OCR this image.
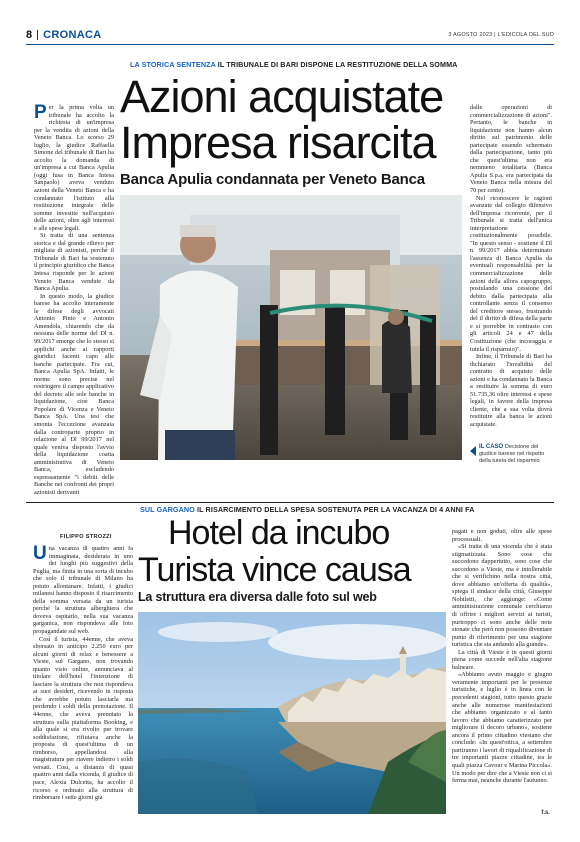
8 CRONACA	3 AGOSTO 2023 | L'EDICOLA DEL SUD
LA STORICA SENTENZA IL TRIBUNALE DI BARI DISPONE LA RESTITUZIONE DELLA SOMMA
Azioni acquistate
Impresa risarcita
Banca Apulia condannata per Veneto Banca
P er la prima volta un tribunale ha accolto la richiesta di un'impresa per la vendita di azioni della Veneto Banca. Lo scorso 29 luglio, la giudice Raffaella Simone del tribunale di Bari ha accolto la domanda di un'impresa a cui Banca Apulia (oggi fusa in Banca Intesa Sanpaolo) aveva venduto azioni della Veneto Banca e ha condannato l'istituto alla restituzione integrale delle somme investite nell'acquisto delle azioni, oltre agli interessi e alle spese legali.

Si tratta di una sentenza storica e dal grande rilievo per migliaia di azionisti, perché il Tribunale di Bari ha sostenuto il principio giuridico che Banca Intesa risponde per le azioni Veneto Banca vendute da Banca Apulia.

In questo modo, la giudice barese ha accolto interamente le difese degli avvocati Antonio Pinto e Antonio Amendola, chiarendo che da nessuna delle norme del Dl n. 99/2017 emerge che lo stesso si applichi anche ai rapporti giuridici facenti capo alle banche partecipate. Fra cui, Banca Apulia SpA. Infatti, le norme sono precise nel restringere il campo applicativo del decreto alle sole banche in liquidazione, cioè Banca Popolare di Vicenza e Veneto Banca SpA. Una tesi che smonta l'eccezione avanzata dalla controparte proprio in relazione al Dl 99/2017 nel quale veniva disposto l'avvio della liquidazione coatta amministrativa di Veneto Banca, escludendo espressamente "i debiti delle Banche nei confronti dei propri azionisti derivanti

dalle operazioni di commercializzazione di azioni". Pertanto, le banche in liquidazione non hanno alcun diritto sul patrimonio delle partecipate essendo schermato dalla partecipazione, tanto più che quest'ultima non era nemmeno totalitaria (Banca Apulia S.p.a. era partecipata da Veneto Banca nella misura del 70 per cento).

Nel riconoscere le ragioni avanzate dal collegio difensivo dell'impresa ricorrente, per il Tribunale si tratta dell'unica interpretazione costituzionalmente possibile. "In questo senso - sostiene il Dl n. 99/2017 abbia determinato l'assenza di Banca Apulia da eventuali responsabilità per la commercializzazione delle azioni della allora capogruppo, postulando una cessione del debito dalla partecipata alla controllante senza il consenso del creditore stesso, frustrando del il diritto di difesa della parte e si porrebbe in contrasto con gli articoli 24 e 47 della Costituzione (che incoraggia e tutela il risparmio)".

Infine, il Tribunale di Bari ha dichiarato l'invalidità del contratto di acquisto delle azioni e ha condannato la Banca a restituire la somma di euro 51.735,36 oltre interessi e spese legali, in favore della impresa cliente, che a sua volta dovrà restituire alla banca le azioni acquistate.

IL CASO Decisione del giudice barese nel rispetto della tutela del risparmio
SUL GARGANO IL RISARCIMENTO DELLA SPESA SOSTENUTA PER LA VACANZA DI 4 ANNI FA
Hotel da incubo
Turista vince causa
La struttura era diversa dalle foto sul web
FILIPPO STROZZI
U na vacanza di quattro anni fa immaginata, desiderata in uno dei luoghi più suggestivi della Puglia, ma finita in una sorta di incubo che solo il tribunale di Milano ha potuto allontanare. Infatti, i giudici milanesi hanno disposto il risarcimento della somma versata da un turista perché la struttura alberghiera che doveva ospitarlo, nella sua vacanza garganica, non rispondeva alle foto propagandate sul web.

Così il turista, 44enne, che aveva sborsato in anticipo 2.250 euro per alcuni giorni di relax e benessere a Vieste, sul Gargano, non trovando quanto visto online, annunciava al titolare dell'hotel l'intenzione di lasciare la struttura che non rispondeva ai suoi desideri, ricevendo in risposta che avrebbe potuto lasciarla ma perdendo i soldi della prenotazione. Il 44enne, che aveva prenotato la struttura sulla piattaforma Booking, e alla quale si era rivolto per trovare soddisfazione, rifiutava anche la proposta di quest'ultima di un rimborso, appellandosi alla magistratura per riavere indietro i soldi versati. Così, a distanza di quasi quattro anni dalla vicenda, il giudice di pace, Alexia Dulcetta, ha accolto il ricorso e ordinato alla struttura di rimborsare i sette giorni già

pagati e non goduti, oltre alle spese processuali.

«Si tratta di una vicenda che è stata stigmatizzata. Sono cose che succedono dappertutto, sono cose che succedono a Vieste, ma è intollerabile che si verifichino nella nostra città, dove abbiamo un'offerta di qualità», spiega il sindaco della città, Giuseppe Nobiletti, che aggiunge: «Come amministrazione comunale cerchiamo di offrire i migliori servizi ai turisti, purtroppo ci sono anche delle note stonate che però non possono diventare punto di riferimento per una stagione turistica che sta andando alla grande».

La città di Vieste è in questi giorni piena come succede nell'alta stagione balneare.

«Abbiamo avuto maggio e giugno veramente importanti per le presenze turistiche, e luglio è in linea con le precedenti stagioni, tutto questo grazie anche alle numerose manifestazioni che abbiamo organizzato e al tanto lavoro che abbiamo caratterizzato per migliorare il decoro urbano», sostiene ancora il primo cittadino viestano che conclude: «In quest'ottica, a settembre partiranno i lavori di riqualificazione di tre importanti piazze cittadine, tra le quali piazza Cavour e Marina Piccola». Un modo per dire che a Vieste non ci si ferma mai, neanche durante l'autunno.

f.s.
